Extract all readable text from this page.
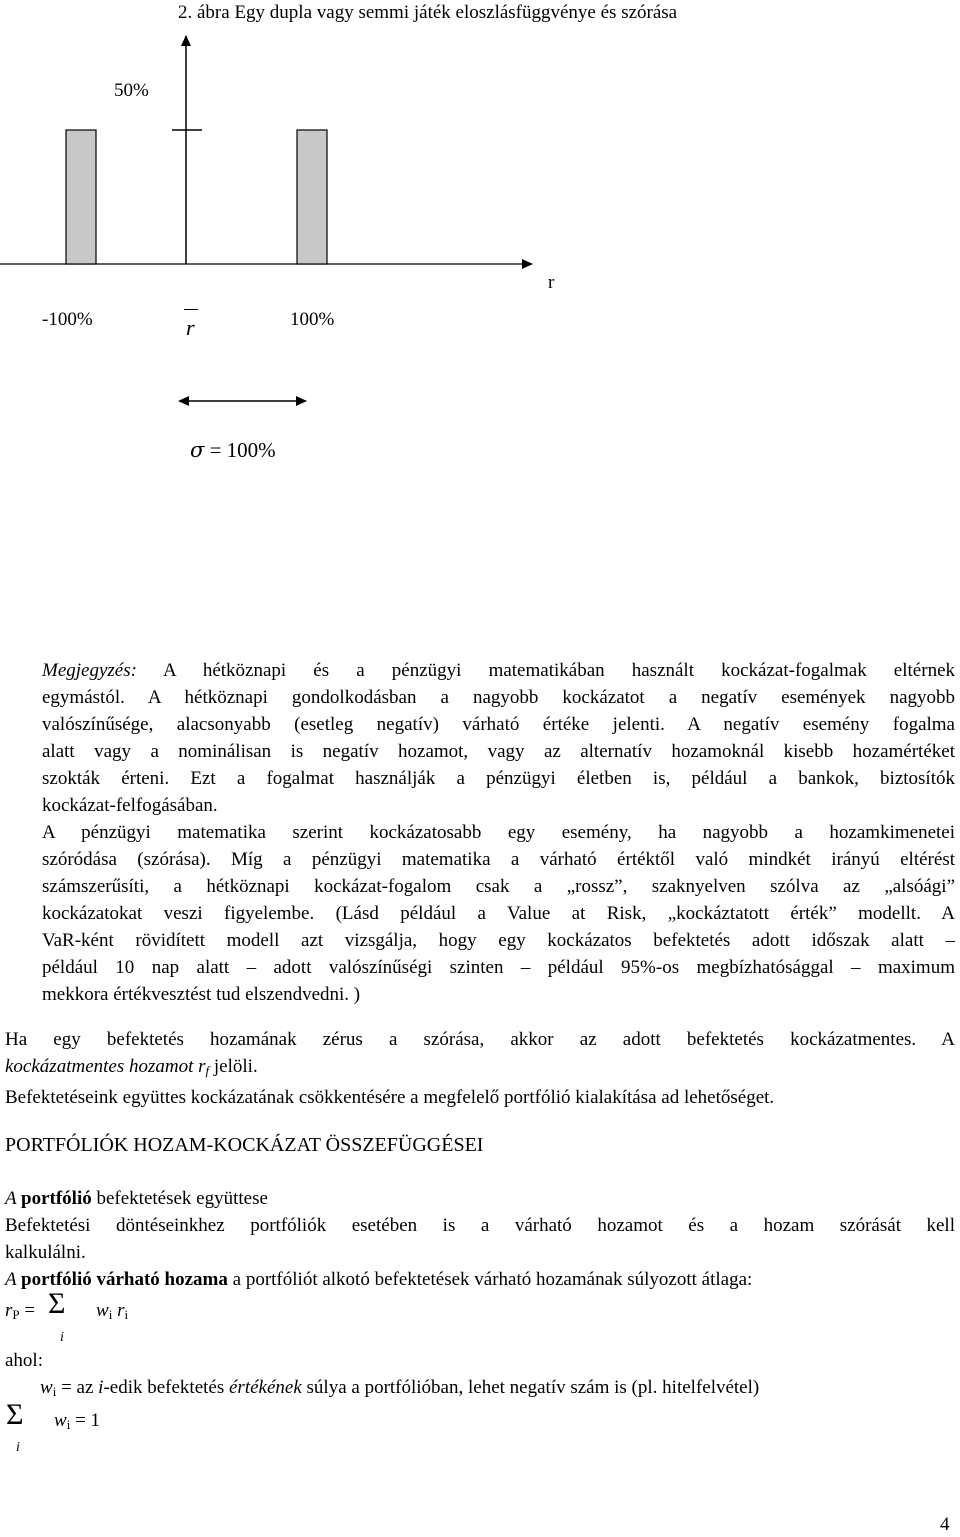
2. ábra Egy dupla vagy semmi játék eloszlásfüggvénye és szórása
50%
r
-100%	r	100%
σ = 100%
Megjegyzés: A hétköznapi és a pénzügyi matematikában használt kockázat-fogalmak eltérnek
egymástól. A hétköznapi gondolkodásban a nagyobb kockázatot a negatív események nagyobb
valószínűsége, alacsonyabb (esetleg negatív) várható értéke jelenti. A negatív esemény fogalma
alatt vagy a nominálisan is negatív hozamot, vagy az alternatív hozamoknál kisebb hozamértéket
szokták érteni. Ezt a fogalmat használják a pénzügyi életben is, például a bankok, biztosítók
kockázat-felfogásában.
A pénzügyi matematika szerint kockázatosabb egy esemény, ha nagyobb a hozamkimenetei
szóródása (szórása). Míg a pénzügyi matematika a várható értéktől való mindkét irányú eltérést
számszerűsíti, a hétköznapi kockázat-fogalom csak a „rossz”, szaknyelven szólva az „alsóági”
kockázatokat veszi figyelembe. (Lásd például a Value at Risk, „kockáztatott érték” modellt. A
VaR-ként rövidített modell azt vizsgálja, hogy egy kockázatos befektetés adott időszak alatt –
például 10 nap alatt – adott valószínűségi szinten – például 95%-os megbízhatósággal – maximum
mekkora értékvesztést tud elszendvedni. )
Ha egy befektetés hozamának zérus a szórása, akkor az adott befektetés kockázatmentes. A
kockázatmentes hozamot $r_f$ jelöli.
Befektetéseink együttes kockázatának csökkentésére a megfelelő portfólió kialakítása ad lehetőséget.
PORTFÓLIÓK HOZAM-KOCKÁZAT ÖSSZEFÜGGÉSEI
A portfólió befektetések együttese
Befektetési döntéseinkhez portfóliók esetében is a várható hozamot és a hozam szórását kell
kalkulálni.
A portfólió várható hozama a portfóliót alkotó befektetések várható hozamának súlyozott átlaga:
$r_P = \Sigma$
i
$w_i$ $r_i$
ahol:
$w_i$ = az i-edik befektetés értékének súlya a portfólióban, lehet negatív szám is (pl. hitelfelvétel)
Σ
i
$w_i = 1$
4
